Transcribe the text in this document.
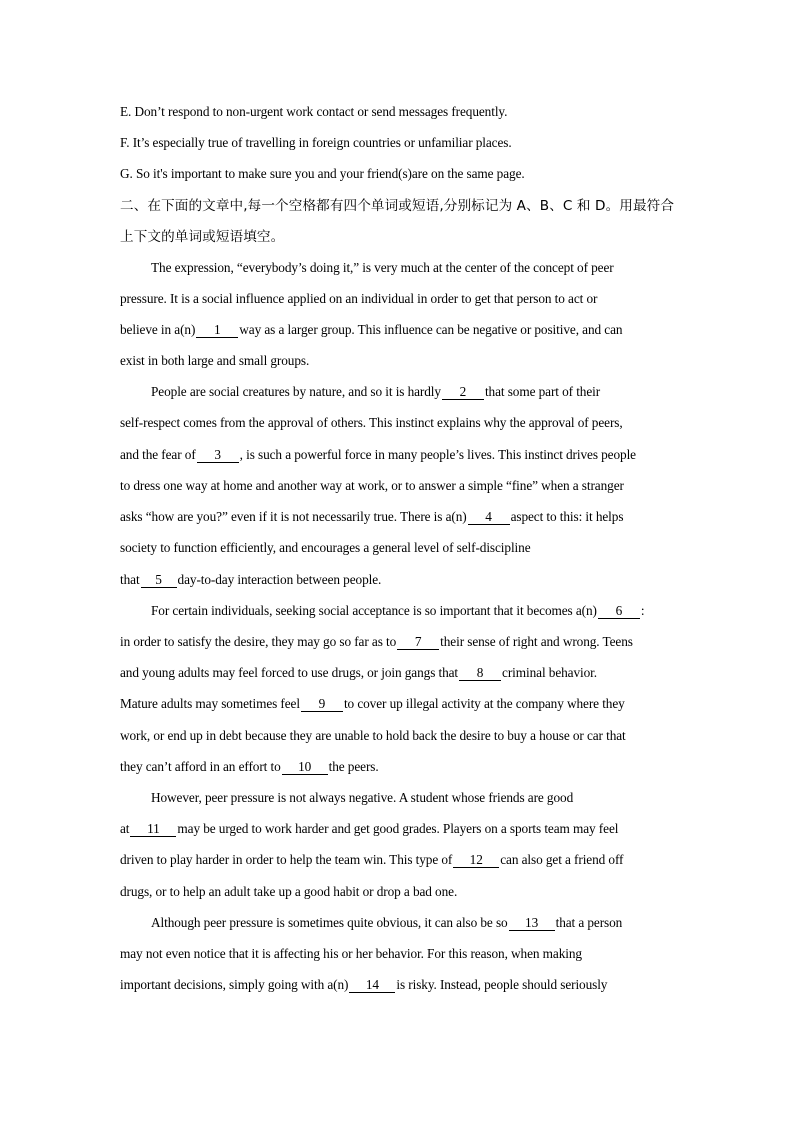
E. Don’t respond to non-urgent work contact or send messages frequently.
F. It’s especially true of travelling in foreign countries or unfamiliar places.
G. So it's important to make sure you and your friend(s)are on the same page.
二、在下面的文章中,每一个空格都有四个单词或短语,分别标记为 A、B、C 和 D。用最符合
上下文的单词或短语填空。
The expression, “everybody’s doing it,” is very much at the center of the concept of peer
pressure. It is a social influence applied on an individual in order to get that person to act or
believe in a(n) 1 way as a larger group. This influence can be negative or positive, and can
exist in both large and small groups.
People are social creatures by nature, and so it is hardly 2 that some part of their
self-respect comes from the approval of others. This instinct explains why the approval of peers,
and the fear of 3 , is such a powerful force in many people’s lives. This instinct drives people
to dress one way at home and another way at work, or to answer a simple “fine” when a stranger
asks “how are you?” even if it is not necessarily true. There is a(n) 4 aspect to this: it helps
society to function efficiently, and encourages a general level of self-discipline
that 5 day-to-day interaction between people.
For certain individuals, seeking social acceptance is so important that it becomes a(n) 6 :
in order to satisfy the desire, they may go so far as to 7 their sense of right and wrong. Teens
and young adults may feel forced to use drugs, or join gangs that 8 criminal behavior.
Mature adults may sometimes feel 9 to cover up illegal activity at the company where they
work, or end up in debt because they are unable to hold back the desire to buy a house or car that
they can’t afford in an effort to 10 the peers.
However, peer pressure is not always negative. A student whose friends are good
at 11 may be urged to work harder and get good grades. Players on a sports team may feel
driven to play harder in order to help the team win. This type of 12 can also get a friend off
drugs, or to help an adult take up a good habit or drop a bad one.
Although peer pressure is sometimes quite obvious, it can also be so 13 that a person
may not even notice that it is affecting his or her behavior. For this reason, when making
important decisions, simply going with a(n) 14 is risky. Instead, people should seriously
